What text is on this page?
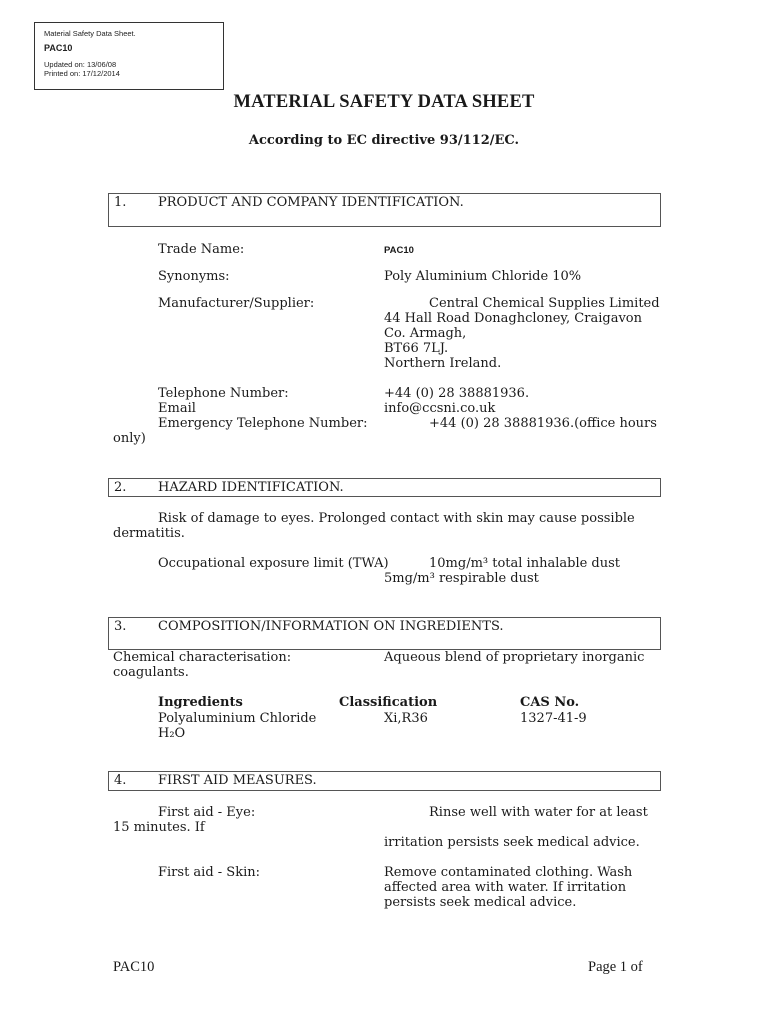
Material Safety Data Sheet.
PAC10
Updated on: 13/06/08
Printed on: 17/12/2014
MATERIAL SAFETY DATA SHEET
According to EC directive 93/112/EC.
1. PRODUCT AND COMPANY IDENTIFICATION.
Trade Name:	PAC10
Synonyms:	Poly Aluminium Chloride 10%
Manufacturer/Supplier:	Central Chemical Supplies Limited
44 Hall Road Donaghcloney, Craigavon
Co. Armagh,
BT66 7LJ.
Northern Ireland.
Telephone Number:	+44 (0) 28 38881936.
Email	info@ccsni.co.uk
Emergency Telephone Number:	+44 (0) 28 38881936.(office hours
only)
2. HAZARD IDENTIFICATION.
Risk of damage to eyes. Prolonged contact with skin may cause possible
dermatitis.
Occupational exposure limit (TWA)	10mg/m³ total inhalable dust
5mg/m³ respirable dust
3. COMPOSITION/INFORMATION ON INGREDIENTS.
Chemical characterisation:	Aqueous blend of proprietary inorganic
coagulants.
Ingredients	Classification	CAS No.
Polyaluminium Chloride	Xi,R36	1327-41-9
H₂O
4. FIRST AID MEASURES.
First aid - Eye:	Rinse well with water for at least
15 minutes. If
irritation persists seek medical advice.
First aid - Skin:	Remove contaminated clothing. Wash
affected area with water. If irritation
persists seek medical advice.
PAC10	Page 1 of
